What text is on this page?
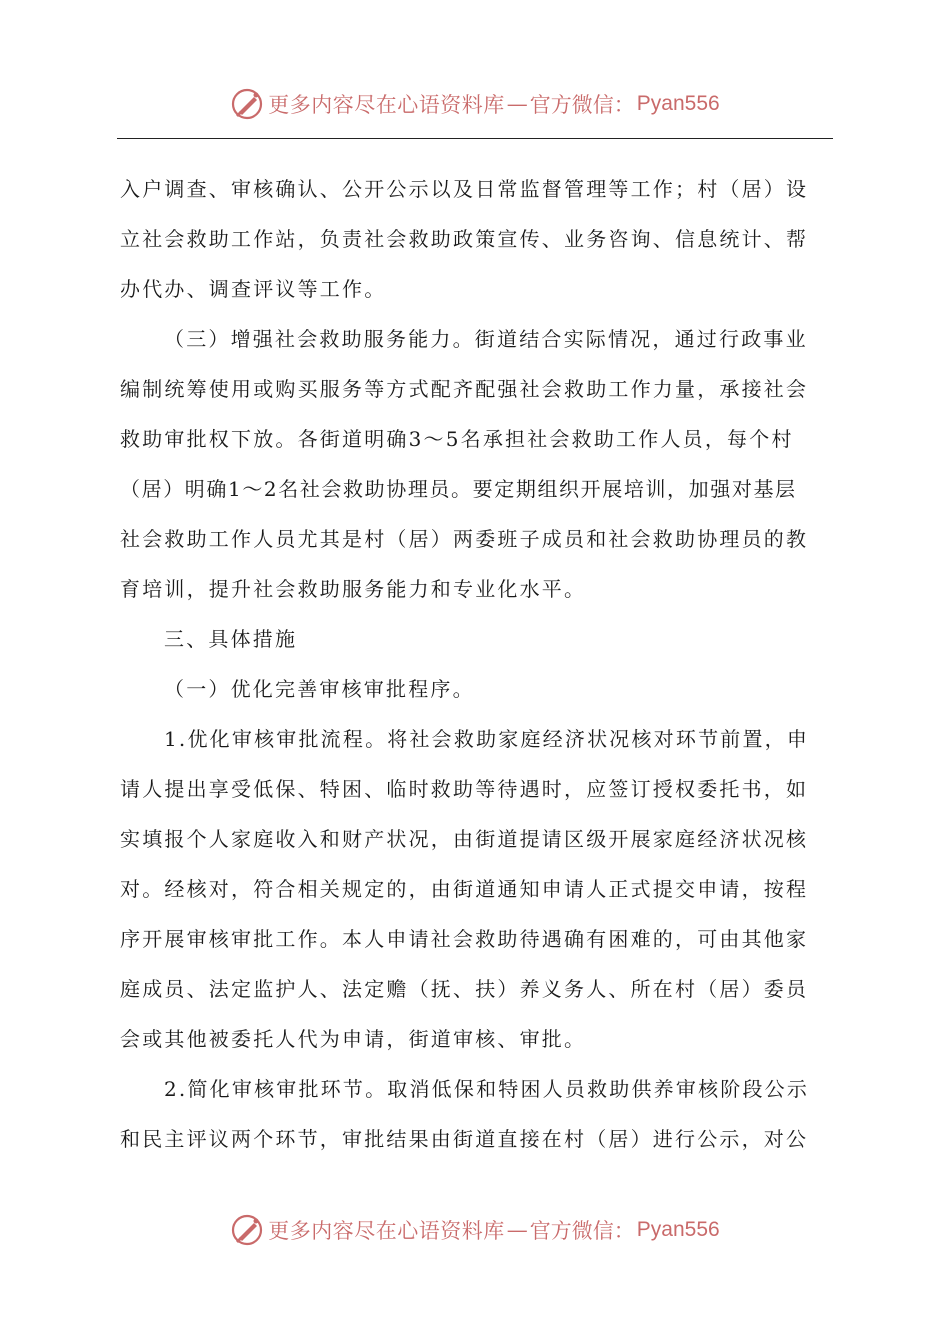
更多内容尽在心语资料库 — 官方微信： Pyan556
入户调查、审核确认、公开公示以及日常监督管理等工作；村（居）设
立社会救助工作站，负责社会救助政策宣传、业务咨询、信息统计、帮
办代办、调查评议等工作。
（三）增强社会救助服务能力。街道结合实际情况，通过行政事业
编制统筹使用或购买服务等方式配齐配强社会救助工作力量，承接社会
救助审批权下放。各街道明确3～5名承担社会救助工作人员，每个村
（居）明确1～2名社会救助协理员。要定期组织开展培训，加强对基层
社会救助工作人员尤其是村（居）两委班子成员和社会救助协理员的教
育培训，提升社会救助服务能力和专业化水平。
三、具体措施
（一）优化完善审核审批程序。
1.优化审核审批流程。将社会救助家庭经济状况核对环节前置，申
请人提出享受低保、特困、临时救助等待遇时，应签订授权委托书，如
实填报个人家庭收入和财产状况，由街道提请区级开展家庭经济状况核
对。经核对，符合相关规定的，由街道通知申请人正式提交申请，按程
序开展审核审批工作。本人申请社会救助待遇确有困难的，可由其他家
庭成员、法定监护人、法定赡（抚、扶）养义务人、所在村（居）委员
会或其他被委托人代为申请，街道审核、审批。
2.简化审核审批环节。取消低保和特困人员救助供养审核阶段公示
和民主评议两个环节，审批结果由街道直接在村（居）进行公示，对公
更多内容尽在心语资料库 — 官方微信： Pyan556
